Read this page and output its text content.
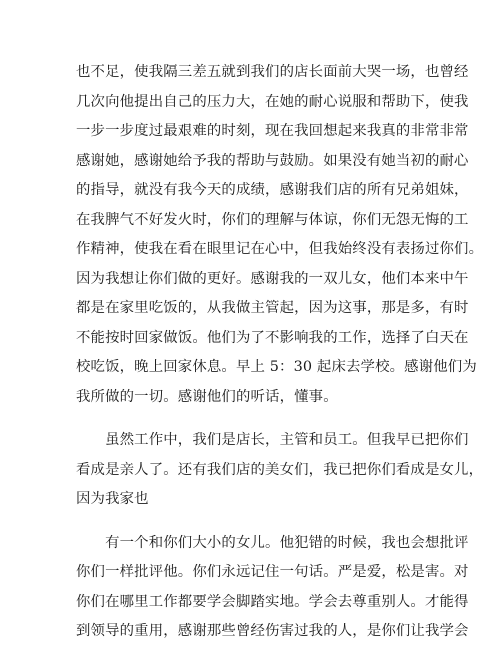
也不足，使我隔三差五就到我们的店长面前大哭一场，也曾经
几次向他提出自己的压力大，在她的耐心说服和帮助下，使我
一步一步度过最艰难的时刻，现在我回想起来我真的非常非常
感谢她，感谢她给予我的帮助与鼓励。如果没有她当初的耐心
的指导，就没有我今天的成绩，感谢我们店的所有兄弟姐妹，
在我脾气不好发火时，你们的理解与体谅，你们无怨无悔的工
作精神，使我在看在眼里记在心中，但我始终没有表扬过你们。
因为我想让你们做的更好。感谢我的一双儿女，他们本来中午
都是在家里吃饭的，从我做主管起，因为这事，那是多，有时
不能按时回家做饭。他们为了不影响我的工作，选择了白天在
校吃饭，晚上回家休息。早上 5：30 起床去学校。感谢他们为
我所做的一切。感谢他们的听话，懂事。
　　虽然工作中，我们是店长，主管和员工。但我早已把你们
看成是亲人了。还有我们店的美女们，我已把你们看成是女儿，
因为我家也
　　有一个和你们大小的女儿。他犯错的时候，我也会想批评
你们一样批评他。你们永远记住一句话。严是爱，松是害。对
你们在哪里工作都要学会脚踏实地。学会去尊重别人。才能得
到领导的重用，感谢那些曾经伤害过我的人，是你们让我学会
